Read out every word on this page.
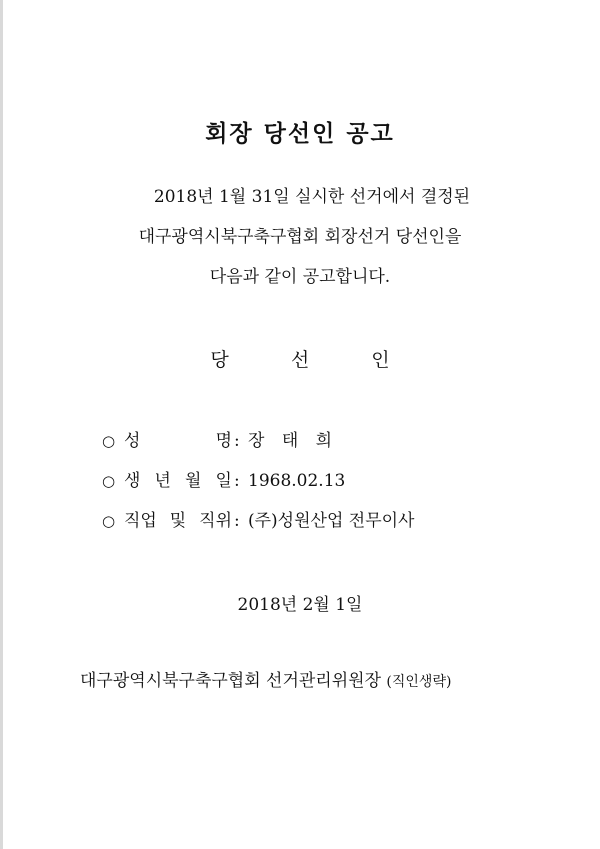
회장 당선인 공고
2018년 1월 31일 실시한 선거에서 결정된
대구광역시북구축구협회 회장선거 당선인을
다음과 같이 공고합니다.
당 선 인
○ 성	명 : 장 태 희
○ 생 년 월 일 : 1968.02.13
○ 직업 및 직위 : (주)성원산업 전무이사
2018년 2월 1일
대구광역시북구축구협회 선거관리위원장 (직인생략)
